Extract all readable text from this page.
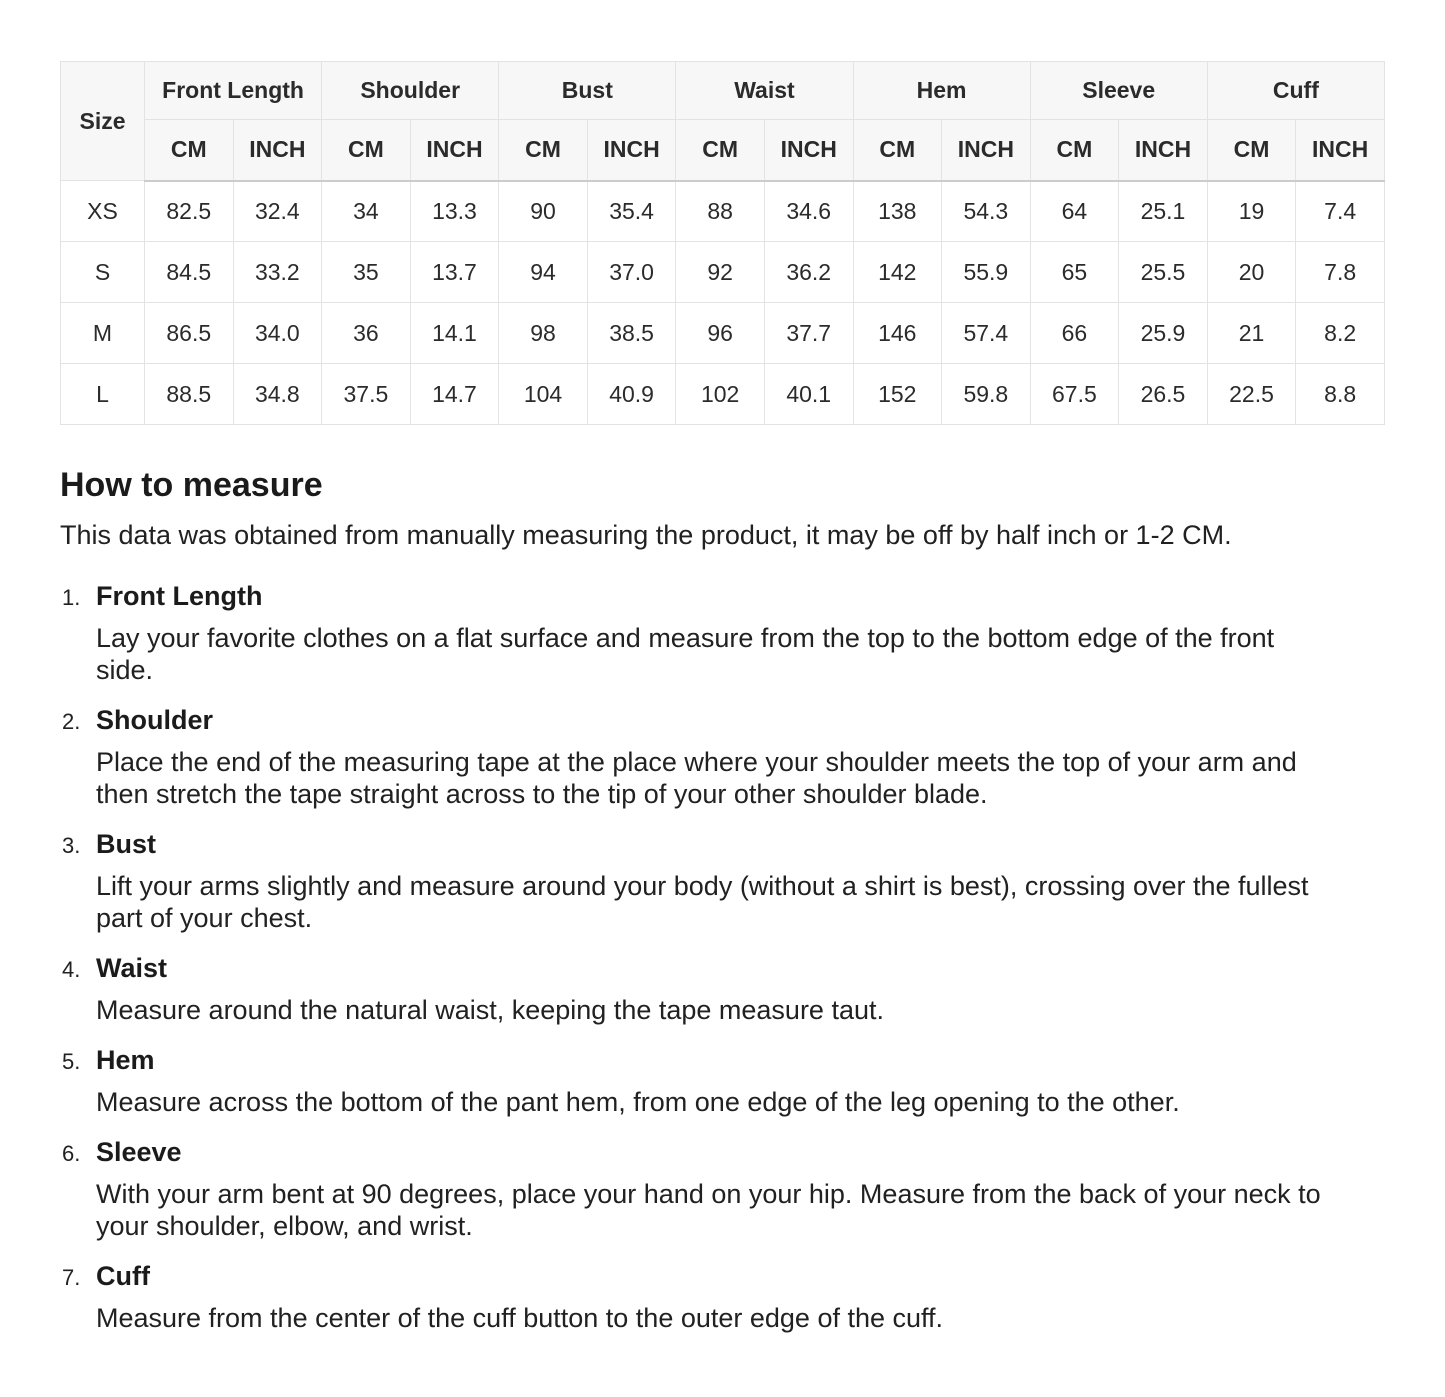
Size	Front Length		Shoulder		Bust		Waist		Hem		Sleeve		Cuff	
	CM	INCH	CM	INCH	CM	INCH	CM	INCH	CM	INCH	CM	INCH	CM	INCH
XS	82.5	32.4	34	13.3	90	35.4	88	34.6	138	54.3	64	25.1	19	7.4
S	84.5	33.2	35	13.7	94	37.0	92	36.2	142	55.9	65	25.5	20	7.8
M	86.5	34.0	36	14.1	98	38.5	96	37.7	146	57.4	66	25.9	21	8.2
L	88.5	34.8	37.5	14.7	104	40.9	102	40.1	152	59.8	67.5	26.5	22.5	8.8
How to measure

This data was obtained from manually measuring the product, it may be off by half inch or 1-2 CM.

1. Front Length

Lay your favorite clothes on a flat surface and measure from the top to the bottom edge of the front side.

2. Shoulder

Place the end of the measuring tape at the place where your shoulder meets the top of your arm and then stretch the tape straight across to the tip of your other shoulder blade.

3. Bust

Lift your arms slightly and measure around your body (without a shirt is best), crossing over the fullest part of your chest.

4. Waist

Measure around the natural waist, keeping the tape measure taut.

5. Hem

Measure across the bottom of the pant hem, from one edge of the leg opening to the other.

6. Sleeve

With your arm bent at 90 degrees, place your hand on your hip. Measure from the back of your neck to your shoulder, elbow, and wrist.

7. Cuff

Measure from the center of the cuff button to the outer edge of the cuff.
